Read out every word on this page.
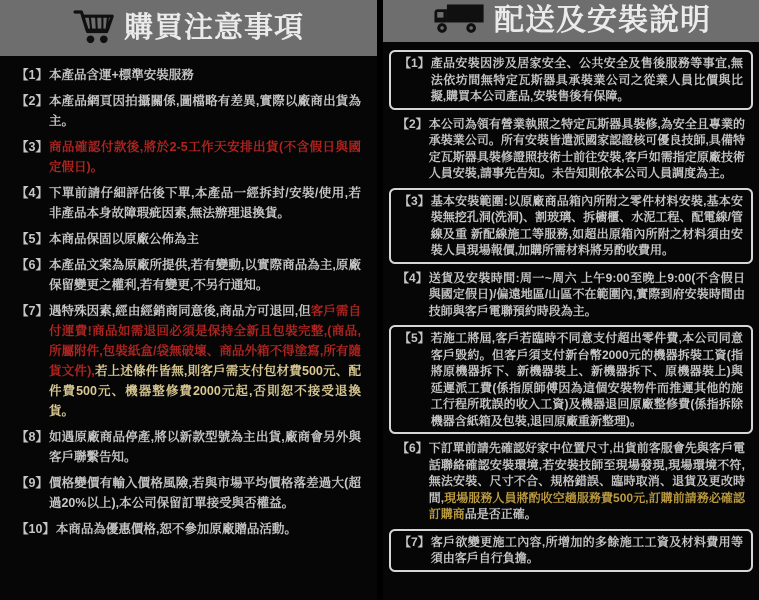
購買注意事項
【1】 本產品含運+標準安裝服務
【2】 本產品網頁因拍攝關係,圖檔略有差異,實際以廠商出貨為主。
【3】 商品確認付款後,將於2-5工作天安排出貨(不含假日與國定假日)。
【4】 下單前請仔細評估後下單,本產品一經拆封/安裝/使用,若非產品本身故障瑕疵因素,無法辦理退換貨。
【5】 本商品保固以原廠公佈為主
【6】 本產品文案為原廠所提供,若有變動,以實際商品為主,原廠保留變更之權利,若有變更,不另行通知。
【7】 遇特殊因素,經由經銷商同意後,商品方可退回,但客戶需自付運費!商品如需退回必須是保持全新且包裝完整,(商品,所屬附件,包裝紙盒/袋無破壞、商品外箱不得塗寫,所有隨貨文件),若上述條件皆無,則客戶需支付包材費500元、配件費500元、機器整修費2000元起,否則恕不接受退換貨。
【8】 如遇原廠商品停產,將以新款型號為主出貨,廠商會另外與客戶聯繫告知。
【9】 價格變價有輸入價格風險,若與市場平均價格落差過大(超過20%以上),本公司保留訂單接受與否權益。
【10】 本商品為優惠價格,恕不參加原廠贈品活動。
配送及安裝說明
【1】 產品安裝因涉及居家安全、公共安全及售後服務等事宜,無法依坊間無特定瓦斯器具承裝業公司之從業人員比價與比擬,購買本公司產品,安裝售後有保障。
【2】 本公司為領有營業執照之特定瓦斯器具裝修,為安全且專業的承裝業公司。所有安裝皆遣派國家認證核可優良技師,具備特定瓦斯器具裝修證照技術士前往安裝,客戶如需指定原廠技術人員安裝,請事先告知。未告知則依本公司人員調度為主。
【3】 基本安裝範圍:以原廠商品箱內所附之零件材料安裝,基本安裝無挖孔洞(洗洞)、割玻璃、拆櫥櫃、水泥工程、配電線/管線及重 新配線施工等服務,如超出原箱內所附之材料須由安裝人員現場報價,加購所需材料將另酌收費用。
【4】 送貨及安裝時間:周一~周六 上午9:00至晚上9:00(不含假日與國定假日)/偏遠地區/山區不在範圍內,實際到府安裝時間由技師與客戶電聯預約時段為主。
【5】 若施工將屆,客戶若臨時不同意支付超出零件費,本公司同意客戶毀約。但客戶須支付新台幣2000元的機器拆裝工資(指將原機器拆下、新機器裝上、新機器拆下、原機器裝上)與延遲派工費(係指原師傅因為這個安裝物件而推遲其他的施工行程所耽誤的收入工資)及機器退回原廠整修費(係指拆除機器含紙箱及包裝,退回原廠重新整理)。
【6】 下訂單前請先確認好家中位置尺寸,出貨前客服會先與客戶電話聯絡確認安裝環境,若安裝技師至現場發現,現場環境不符,無法安裝、尺寸不合、規格錯誤、臨時取消、退貨及更改時間,現場服務人員將酌收空趟服務費500元,訂購前請務必確認訂購商品是否正確。
【7】 客戶欲變更施工內容,所增加的多餘施工工資及材料費用等須由客戶自行負擔。
